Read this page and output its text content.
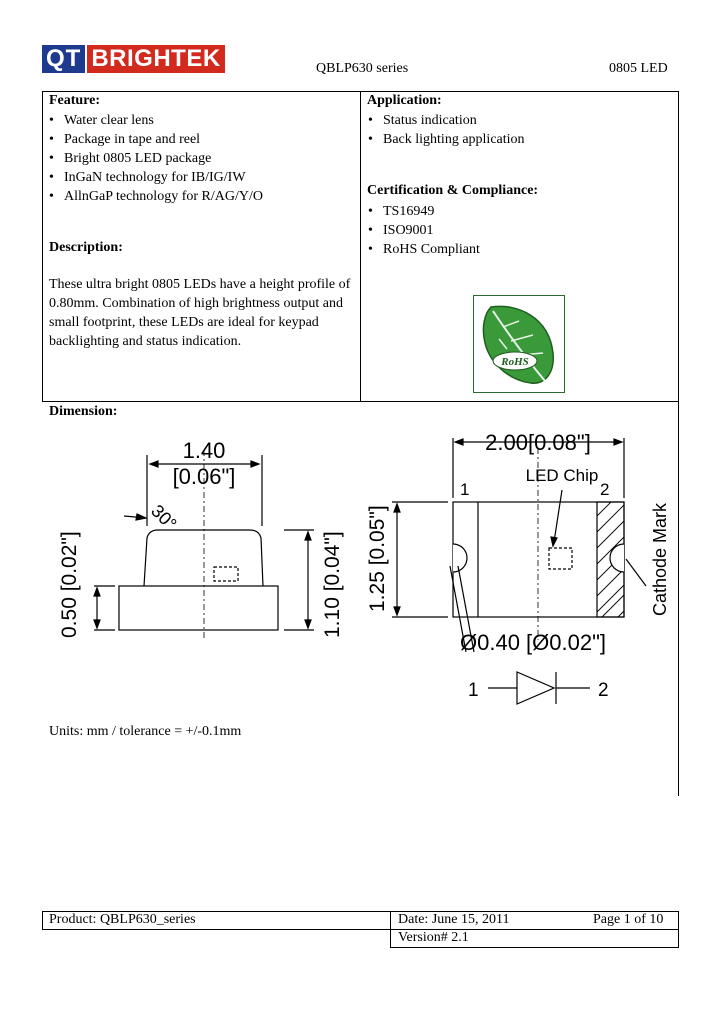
QT BRIGHTEK	QBLP630 series	0805 LED
Feature:
• Water clear lens
• Package in tape and reel
• Bright 0805 LED package
• InGaN technology for IB/IG/IW
• AllnGaP technology for R/AG/Y/O
Description:
These ultra bright 0805 LEDs have a height profile of 0.80mm. Combination of high brightness output and small footprint, these LEDs are ideal for keypad backlighting and status indication.
Application:
• Status indication
• Back lighting application
Certification & Compliance:
• TS16949
• ISO9001
• RoHS Compliant
RoHS
Dimension:
1.40
[0.06"]
30°
0.50 [0.02"]	1.10 [0.04"]
2.00[0.08"]
LED Chip
1	2
1.25 [0.05"]	Cathode Mark
Ø0.40 [Ø0.02"]
1	2
Units: mm / tolerance = +/-0.1mm
Product: QBLP630_series	Date: June 15, 2011	Page 1 of 10
Version# 2.1
